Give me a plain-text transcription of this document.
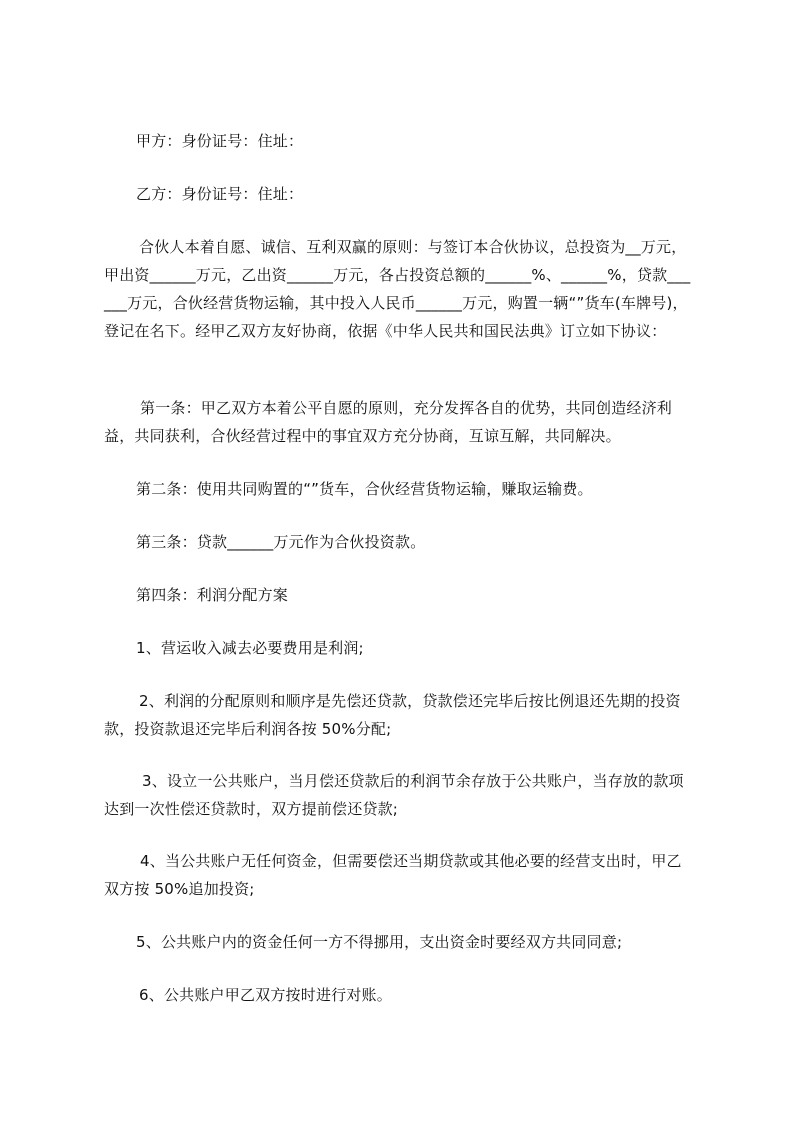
甲方：身份证号：住址：

乙方：身份证号：住址：

合伙人本着自愿、诚信、互利双赢的原则：与签订本合伙协议，总投资为__万元，甲出资______万元，乙出资______万元，各占投资总额的______%、______%，贷款______万元，合伙经营货物运输，其中投入人民币______万元，购置一辆“”货车(车牌号)，登记在名下。经甲乙双方友好协商，依据《中华人民共和国民法典》订立如下协议：

第一条：甲乙双方本着公平自愿的原则，充分发挥各自的优势，共同创造经济利益，共同获利，合伙经营过程中的事宜双方充分协商，互谅互解，共同解决。

第二条：使用共同购置的“”货车，合伙经营货物运输，赚取运输费。

第三条：贷款______万元作为合伙投资款。

第四条：利润分配方案

1、营运收入减去必要费用是利润;

2、利润的分配原则和顺序是先偿还贷款，贷款偿还完毕后按比例退还先期的投资款，投资款退还完毕后利润各按 50%分配;

3、设立一公共账户，当月偿还贷款后的利润节余存放于公共账户，当存放的款项达到一次性偿还贷款时，双方提前偿还贷款;

4、当公共账户无任何资金，但需要偿还当期贷款或其他必要的经营支出时，甲乙双方按 50%追加投资;

5、公共账户内的资金任何一方不得挪用，支出资金时要经双方共同同意;

6、公共账户甲乙双方按时进行对账。
